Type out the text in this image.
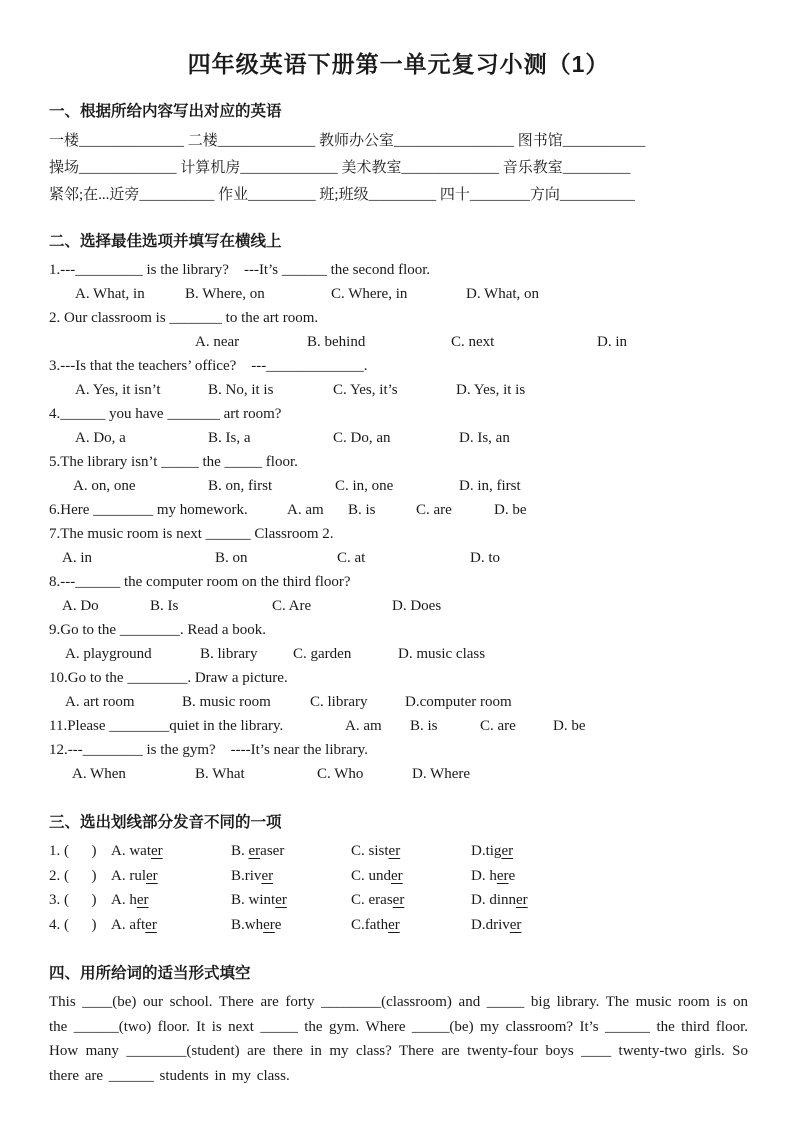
四年级英语下册第一单元复习小测（1）
一、根据所给内容写出对应的英语
一楼______________ 二楼_____________ 教师办公室________________ 图书馆___________
操场_____________ 计算机房_____________ 美术教室_____________ 音乐教室_________
紧邻;在...近旁__________ 作业_________ 班;班级_________ 四十________方向__________
二、选择最佳选项并填写在横线上
1.---_________ is the library?    ---It’s ______ the second floor.
A. What, in	B. Where, on	C. Where, in	D. What, on
2. Our classroom is _______ to the art room.
A. near	B. behind	C. next	D. in
3.---Is that the teachers’ office?    ---_____________.
A. Yes, it isn’t	B. No, it is	C. Yes, it’s	D. Yes, it is
4.______ you have _______ art room?
A. Do, a	B. Is, a	C. Do, an	D. Is, an
5.The library isn’t _____ the _____ floor.
A. on, one	B. on, first	C. in, one	D. in, first
6.Here ________ my homework.	A. am	B. is	C. are	D. be
7.The music room is next ______ Classroom 2.
A. in	B. on	C. at	D. to
8.---______ the computer room on the third floor?
A. Do	B. Is	C. Are	D. Does
9.Go to the ________. Read a book.
A. playground	B. library	C. garden	D. music class
10.Go to the ________. Draw a picture.
A. art room	B. music room	C. library	D.computer room
11.Please ________quiet in the library.	A. am	B. is	C. are	D. be
12.---________ is the gym?    ----It’s near the library.
A. When	B. What	C. Who	D. Where
三、选出划线部分发音不同的一项
1. (      ) A. water	B. eraser	C. sister	D.tiger
2. (      ) A. ruler	B.river	C. under	D. here
3. (      ) A. her	B. winter	C. eraser	D. dinner
4. (      ) A. after	B.where	C.father	D.driver
四、用所给词的适当形式填空
This ____(be) our school. There are forty ________(classroom) and _____ big library. The music room is on the ______(two) floor. It is next _____ the gym. Where _____(be) my classroom? It’s ______ the third floor. How many ________(student) are there in my class? There are twenty-four boys ____ twenty-two girls. So there are ______ students in my class.
